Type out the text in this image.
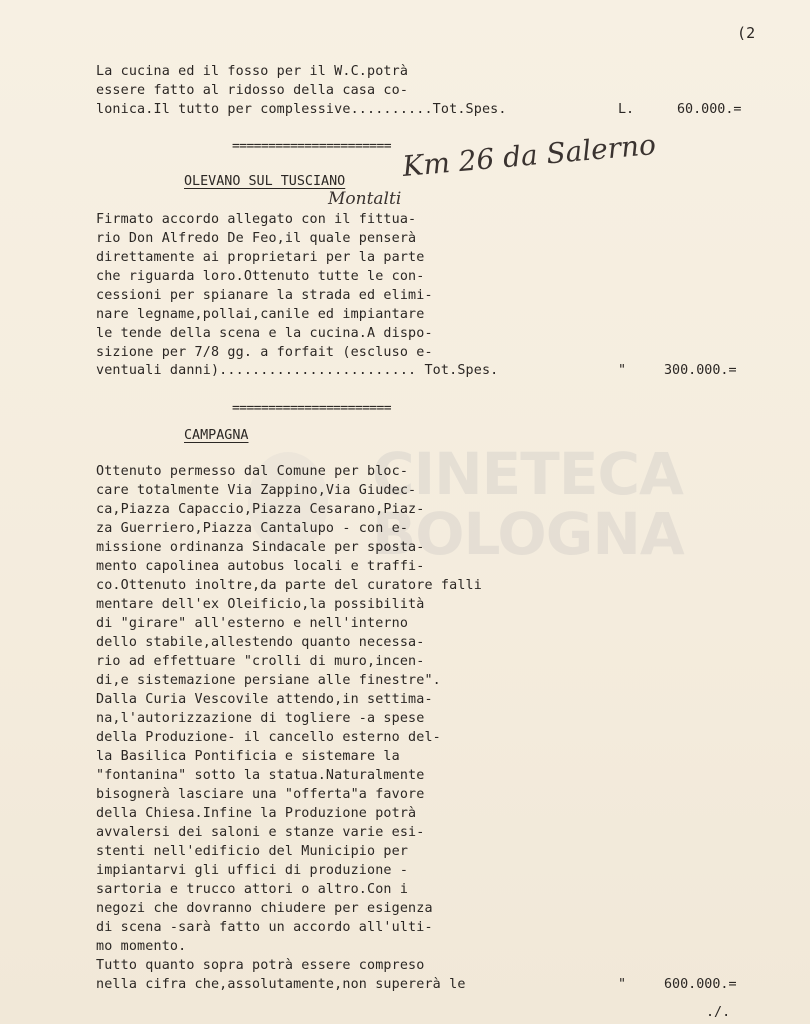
(2
CINETECA
BOLOGNA
La cucina ed il fosso per il W.C.potrà
essere fatto al ridosso della casa co-
lonica.Il tutto per complessive..........Tot.Spes.	L.	60.000.=
======================
OLEVANO SUL TUSCIANO Km 26 da Salerno
Montalti
Firmato accordo allegato con il fittua-
rio Don Alfredo De Feo,il quale penserà
direttamente ai proprietari per la parte
che riguarda loro.Ottenuto tutte le con-
cessioni per spianare la strada ed elimi-
nare legname,pollai,canile ed impiantare
le tende della scena e la cucina.A dispo-
sizione per 7/8 gg. a forfait (escluso e-
ventuali danni)........................ Tot.Spes.	"	300.000.=
======================
CAMPAGNA
Ottenuto permesso dal Comune per bloc-
care totalmente Via Zappino,Via Giudec-
ca,Piazza Capaccio,Piazza Cesarano,Piaz-
za Guerriero,Piazza Cantalupo - con e-
missione ordinanza Sindacale per sposta-
mento capolinea autobus locali e traffi-
co.Ottenuto inoltre,da parte del curatore falli
mentare dell'ex Oleificio,la possibilità
di "girare" all'esterno e nell'interno
dello stabile,allestendo quanto necessa-
rio ad effettuare "crolli di muro,incen-
di,e sistemazione persiane alle finestre".
Dalla Curia Vescovile attendo,in settima-
na,l'autorizzazione di togliere -a spese
della Produzione- il cancello esterno del-
la Basilica Pontificia e sistemare la
"fontanina" sotto la statua.Naturalmente
bisognerà lasciare una "offerta"a favore
della Chiesa.Infine la Produzione potrà
avvalersi dei saloni e stanze varie esi-
stenti nell'edificio del Municipio per
impiantarvi gli uffici di produzione -
sartoria e trucco attori o altro.Con i
negozi che dovranno chiudere per esigenza
di scena -sarà fatto un accordo all'ulti-
mo momento.
Tutto quanto sopra potrà essere compreso
nella cifra che,assolutamente,non supererà le	"	600.000.=
./.
